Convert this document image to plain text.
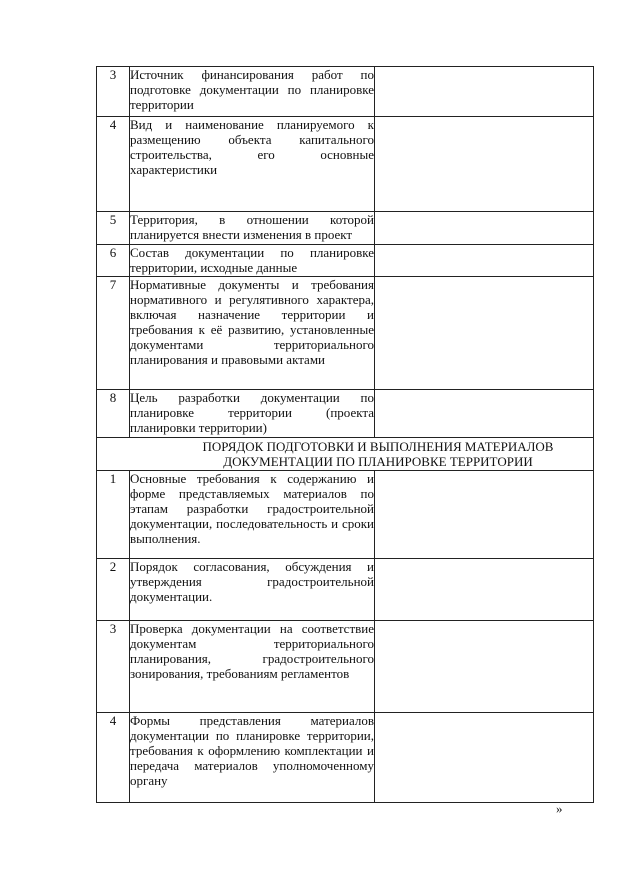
3	Источник финансирования работ по подготовке документации по планировке территории	
4	Вид и наименование планируемого к размещению объекта капитального строительства, его основные характеристики	
5	Территория, в отношении которой планируется внести изменения в проект	
6	Состав документации по планировке территории, исходные данные	
7	Нормативные документы и требования нормативного и регулятивного характера, включая назначение территории и требования к её развитию, установленные документами территориального планирования и правовыми актами	
8	Цель разработки документации по планировке территории (проекта планировки территории)	
ПОРЯДОК ПОДГОТОВКИ И ВЫПОЛНЕНИЯ МАТЕРИАЛОВ ДОКУМЕНТАЦИИ ПО ПЛАНИРОВКЕ ТЕРРИТОРИИ		
1	Основные требования к содержанию и форме представляемых материалов по этапам разработки градостроительной документации, последовательность и сроки выполнения.	
2	Порядок согласования, обсуждения и утверждения градостроительной документации.	
3	Проверка документации на соответствие документам территориального планирования, градостроительного зонирования, требованиям регламентов	
4	Формы представления материалов документации по планировке территории, требования к оформлению комплектации и передача материалов уполномоченному органу	
»
